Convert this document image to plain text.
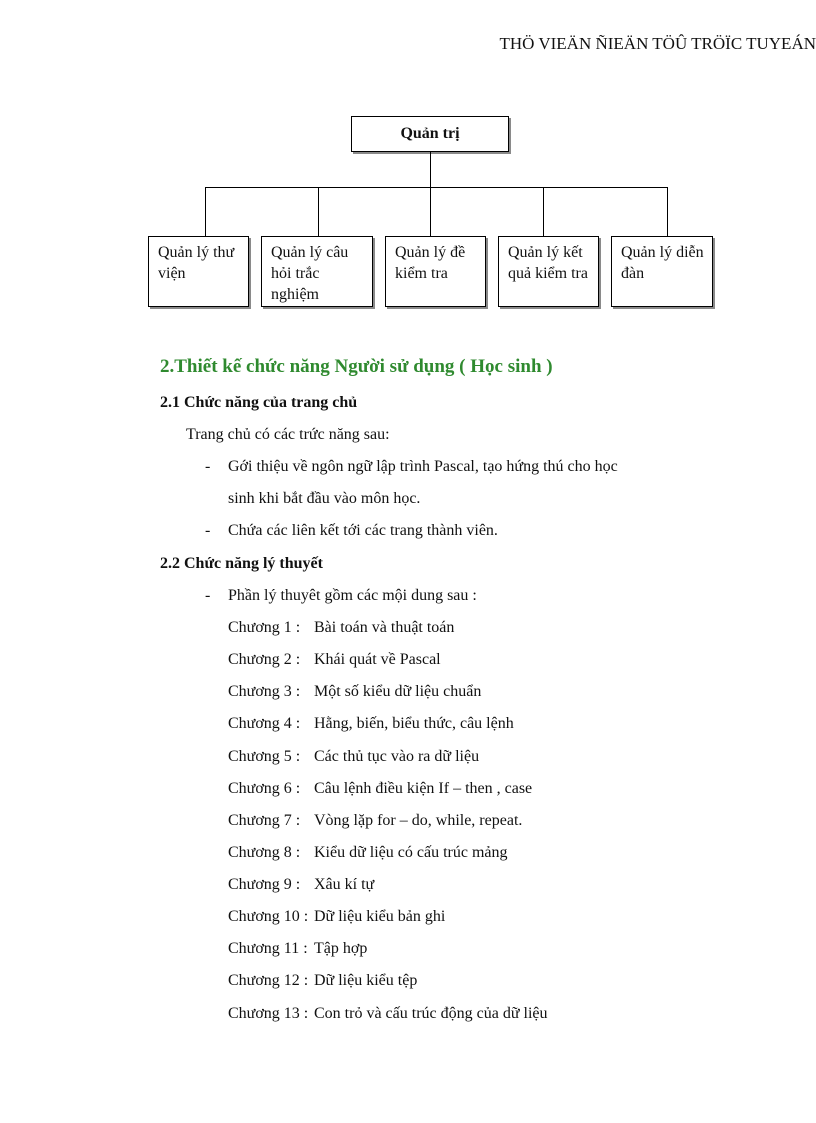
THÖ VIEÄN ÑIEÄN TÖÛ TRÖÏC TUYEÁN
Quản trị
Quản lý thư viện
Quản lý câu hỏi trắc nghiệm
Quản lý đề kiểm tra
Quản lý kết quả kiểm tra
Quản lý diễn đàn
2.Thiết kế chức năng Người sử dụng ( Học sinh )
2.1 Chức năng của trang chủ
Trang chủ có các trức năng sau:
- Gới thiệu về ngôn ngữ lập trình Pascal, tạo hứng thú cho học
sinh khi bắt đầu vào môn học.
- Chứa các liên kết tới các trang thành viên.
2.2 Chức năng lý thuyết
- Phần lý thuyêt gồm các mội dung sau :
Chương 1 : Bài toán và thuật toán
Chương 2 : Khái quát về Pascal
Chương 3 : Một số kiểu dữ liệu chuẩn
Chương 4 : Hằng, biến, biểu thức, câu lệnh
Chương 5 : Các thủ tục vào ra dữ liệu
Chương 6 : Câu lệnh điều kiện If – then , case
Chương 7 : Vòng lặp for – do, while, repeat.
Chương 8 : Kiểu dữ liệu có cấu trúc mảng
Chương 9 : Xâu kí tự
Chương 10 : Dữ liệu kiểu bản ghi
Chương 11 : Tập hợp
Chương 12 : Dữ liệu kiểu tệp
Chương 13 : Con trỏ và cấu trúc động của dữ liệu
